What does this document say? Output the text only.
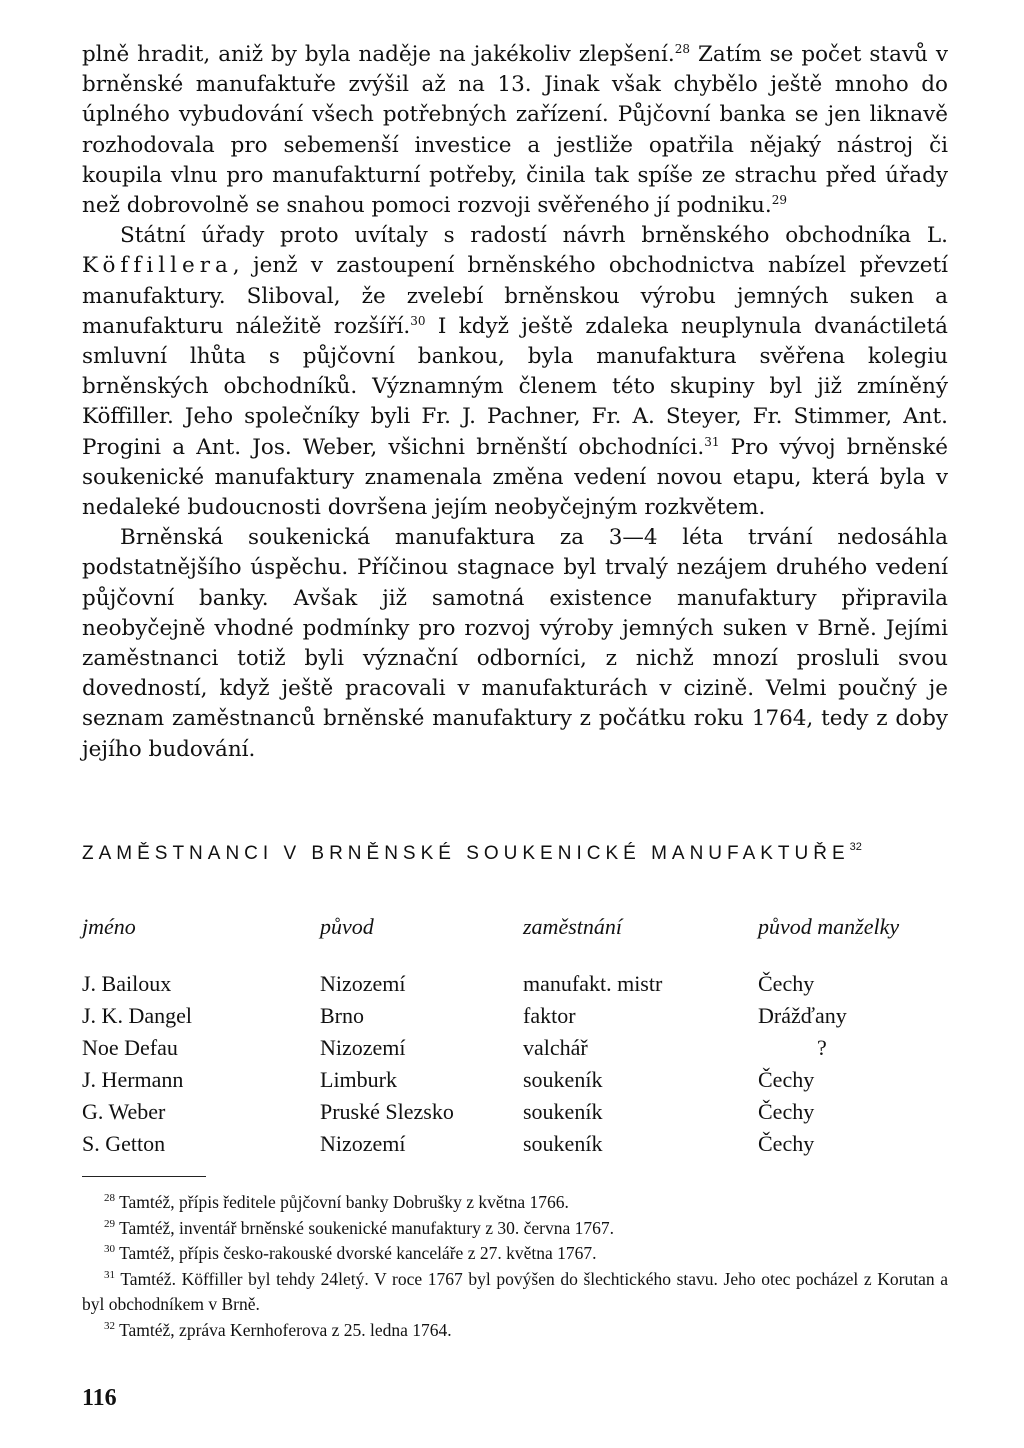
plně hradit, aniž by byla naděje na jakékoliv zlepšení.$^{28}$ Zatím se počet stavů v brněnské manufaktuře zvýšil až na 13. Jinak však chybělo ještě mnoho do úplného vybudování všech potřebných zařízení. Půjčovní banka se jen liknavě rozhodovala pro sebemenší investice a jestliže opatřila nějaký nástroj či koupila vlnu pro manufakturní potřeby, činila tak spíše ze strachu před úřady než dobrovolně se snahou pomoci rozvoji svěřeného jí podniku.$^{29}$

Státní úřady proto uvítaly s radostí návrh brněnského obchodníka L. Köffillera, jenž v zastoupení brněnského obchodnictva nabízel převzetí manufaktury. Sliboval, že zvelebí brněnskou výrobu jemných suken a manufakturu náležitě rozšíří.$^{30}$ I když ještě zdaleka neuplynula dvanáctiletá smluvní lhůta s půjčovní bankou, byla manufaktura svěřena kolegiu brněnských obchodníků. Významným členem této skupiny byl již zmíněný Köffiller. Jeho společníky byli Fr. J. Pachner, Fr. A. Steyer, Fr. Stimmer, Ant. Progini a Ant. Jos. Weber, všichni brněnští obchodníci.$^{31}$ Pro vývoj brněnské soukenické manufaktury znamenala změna vedení novou etapu, která byla v nedaleké budoucnosti dovršena jejím neobyčejným rozkvětem.

Brněnská soukenická manufaktura za 3—4 léta trvání nedosáhla podstatnějšího úspěchu. Příčinou stagnace byl trvalý nezájem druhého vedení půjčovní banky. Avšak již samotná existence manufaktury připravila neobyčejně vhodné podmínky pro rozvoj výroby jemných suken v Brně. Jejími zaměstnanci totiž byli význační odborníci, z nichž mnozí prosluli svou dovedností, když ještě pracovali v manufakturách v cizině. Velmi poučný je seznam zaměstnanců brněnské manufaktury z počátku roku 1764, tedy z doby jejího budování.

ZAMĚSTNANCI V BRNĚNSKÉ SOUKENICKÉ MANUFAKTUŘE$^{32}$
jméno	původ	zaměstnání	původ manželky
J. Bailoux	Nizozemí	manufakt. mistr	Čechy
J. K. Dangel	Brno	faktor	Drážďany
Noe Defau	Nizozemí	valchář	?
J. Hermann	Limburk	soukeník	Čechy
G. Weber	Pruské Slezsko	soukeník	Čechy
S. Getton	Nizozemí	soukeník	Čechy

$^{28}$ Tamtéž, přípis ředitele půjčovní banky Dobrušky z května 1766.

$^{29}$ Tamtéž, inventář brněnské soukenické manufaktury z 30. června 1767.

$^{30}$ Tamtéž, přípis česko-rakouské dvorské kanceláře z 27. května 1767.

$^{31}$ Tamtéž. Köffiller byl tehdy 24letý. V roce 1767 byl povýšen do šlechtického stavu. Jeho otec pocházel z Korutan a byl obchodníkem v Brně.

$^{32}$ Tamtéž, zpráva Kernhoferova z 25. ledna 1764.

116
